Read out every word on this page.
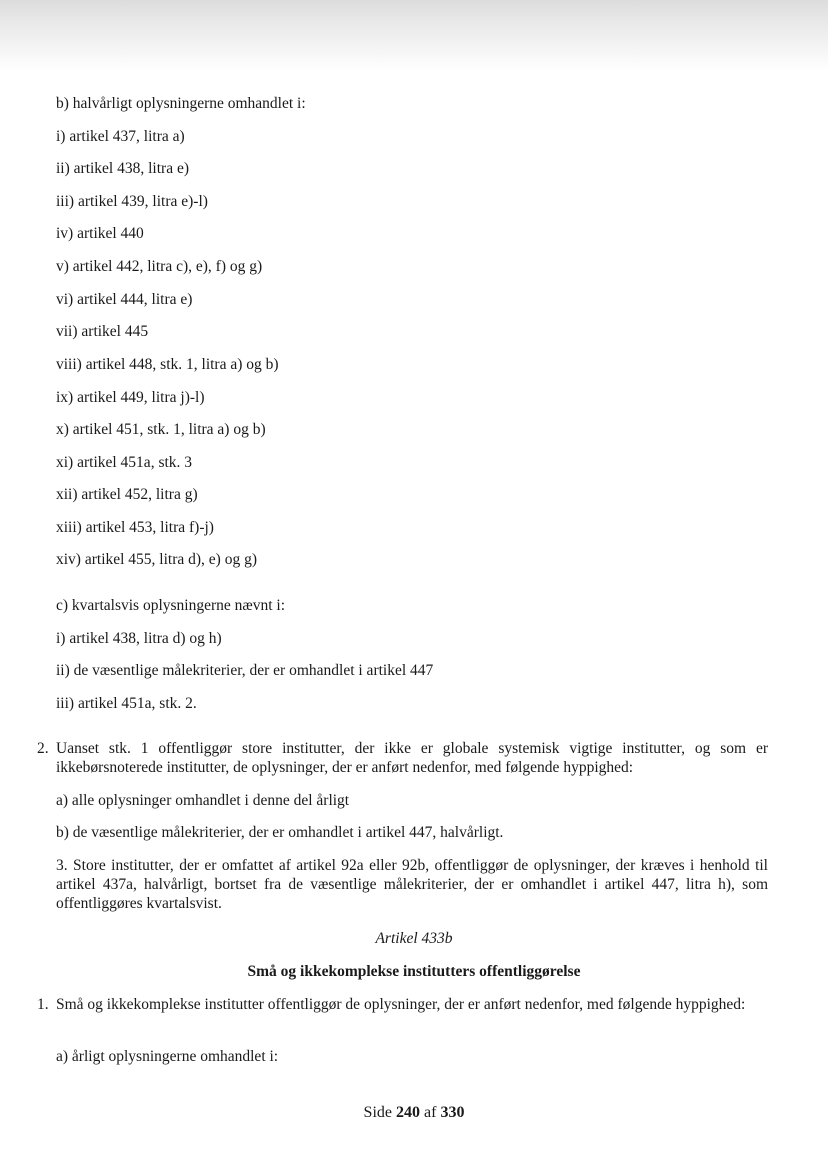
b) halvårligt oplysningerne omhandlet i:
i) artikel 437, litra a)
ii) artikel 438, litra e)
iii) artikel 439, litra e)-l)
iv) artikel 440
v) artikel 442, litra c), e), f) og g)
vi) artikel 444, litra e)
vii) artikel 445
viii) artikel 448, stk. 1, litra a) og b)
ix) artikel 449, litra j)-l)
x) artikel 451, stk. 1, litra a) og b)
xi) artikel 451a, stk. 3
xii) artikel 452, litra g)
xiii) artikel 453, litra f)-j)
xiv) artikel 455, litra d), e) og g)
c) kvartalsvis oplysningerne nævnt i:
i) artikel 438, litra d) og h)
ii) de væsentlige målekriterier, der er omhandlet i artikel 447
iii) artikel 451a, stk. 2.
2. Uanset stk. 1 offentliggør store institutter, der ikke er globale systemisk vigtige institutter, og som er ikkebørsnoterede institutter, de oplysninger, der er anført nedenfor, med følgende hyppighed:
a) alle oplysninger omhandlet i denne del årligt
b) de væsentlige målekriterier, der er omhandlet i artikel 447, halvårligt.
3. Store institutter, der er omfattet af artikel 92a eller 92b, offentliggør de oplysninger, der kræves i henhold til artikel 437a, halvårligt, bortset fra de væsentlige målekriterier, der er omhandlet i artikel 447, litra h), som offentliggøres kvartalsvist.
Artikel 433b
Små og ikkekomplekse institutters offentliggørelse
1. Små og ikkekomplekse institutter offentliggør de oplysninger, der er anført nedenfor, med følgende hyppighed:
a) årligt oplysningerne omhandlet i:
Side 240 af 330
